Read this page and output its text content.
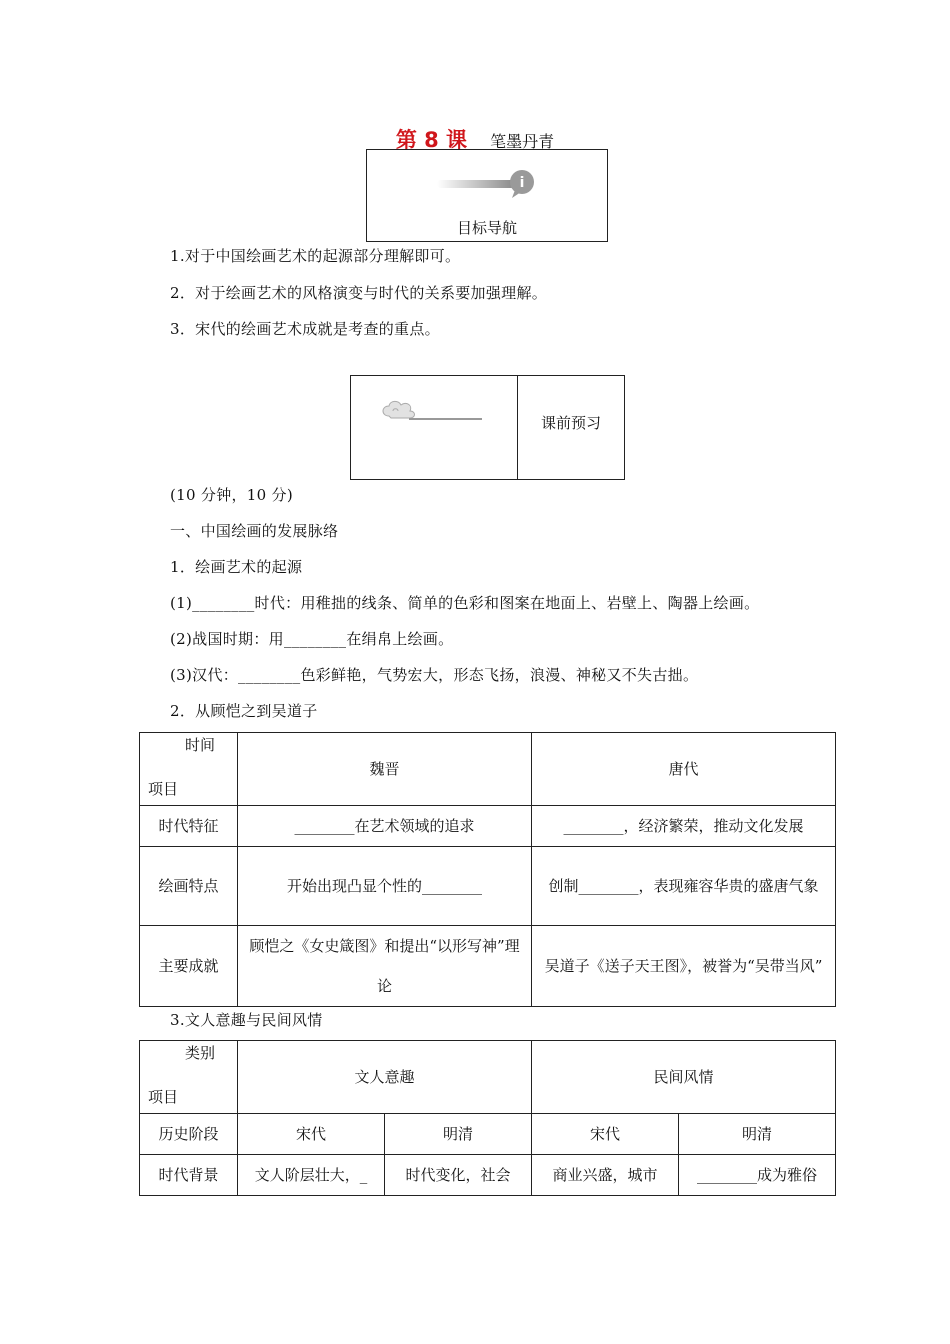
第 8 课 笔墨丹青
i
目标导航
1.对于中国绘画艺术的起源部分理解即可。
2．对于绘画艺术的风格演变与时代的关系要加强理解。
3．宋代的绘画艺术成就是考查的重点。
课前预习
(10 分钟，10 分)
一、中国绘画的发展脉络
1．绘画艺术的起源
(1)________时代：用稚拙的线条、简单的色彩和图案在地面上、岩壁上、陶器上绘画。
(2)战国时期：用________在绢帛上绘画。
(3)汉代：________色彩鲜艳，气势宏大，形态飞扬，浪漫、神秘又不失古拙。
2．从顾恺之到吴道子
时间
项目	魏晋	唐代
时代特征	________在艺术领域的追求	________，经济繁荣，推动文化发展
绘画特点	开始出现凸显个性的________	创制________，表现雍容华贵的盛唐气象
主要成就	顾恺之《女史箴图》和提出“以形写神”理论	吴道子《送子天王图》，被誉为“吴带当风”
3.文人意趣与民间风情
类别
项目	文人意趣		民间风情	
历史阶段	宋代	明清	宋代	明清
时代背景	文人阶层壮大，_	时代变化，社会	商业兴盛，城市	________成为雅俗
